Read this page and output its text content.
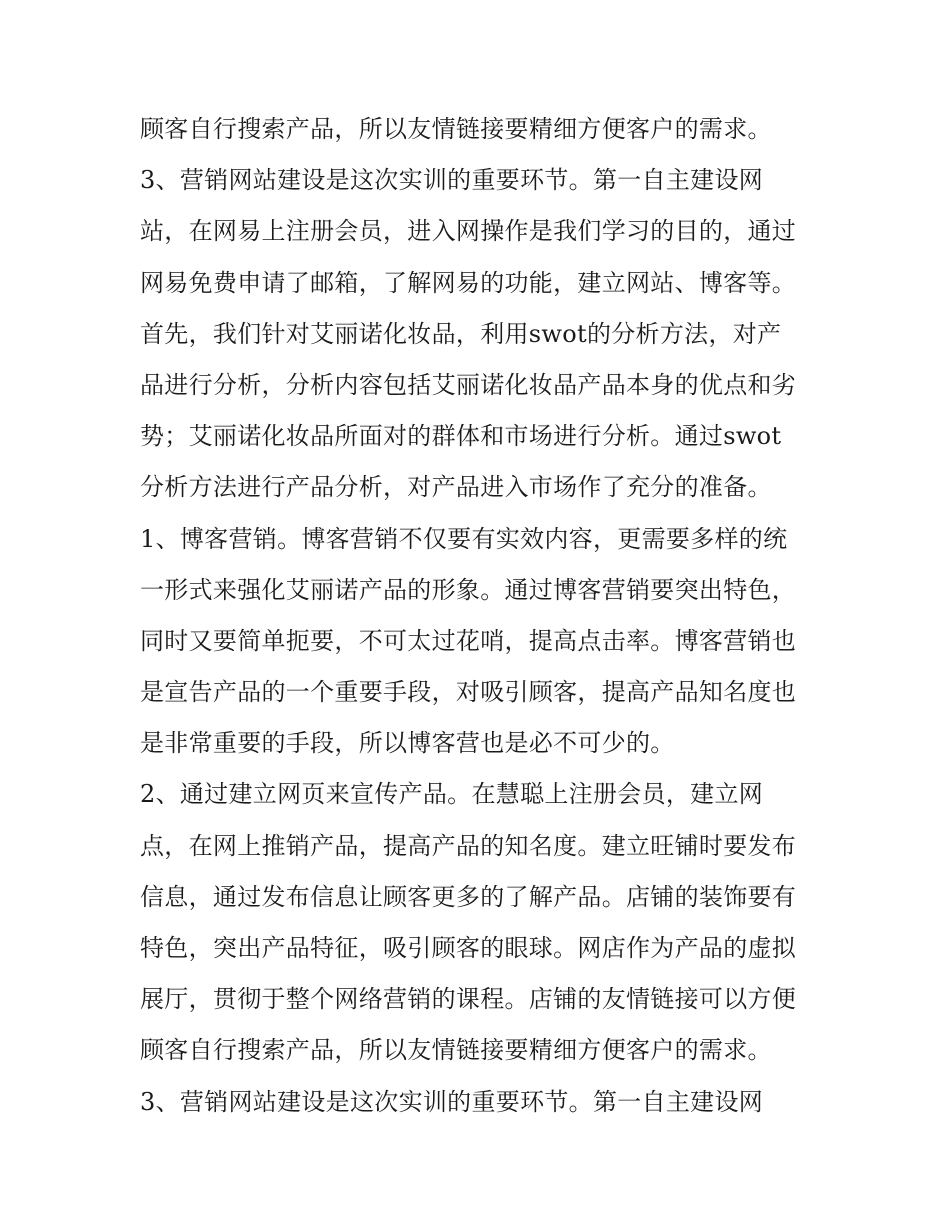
顾客自行搜索产品，所以友情链接要精细方便客户的需求。
3、营销网站建设是这次实训的重要环节。第一自主建设网
站，在网易上注册会员，进入网操作是我们学习的目的，通过
网易免费申请了邮箱，了解网易的功能，建立网站、博客等。
首先，我们针对艾丽诺化妆品，利用swot的分析方法，对产
品进行分析，分析内容包括艾丽诺化妆品产品本身的优点和劣
势；艾丽诺化妆品所面对的群体和市场进行分析。通过swot
分析方法进行产品分析，对产品进入市场作了充分的准备。
1、博客营销。博客营销不仅要有实效内容，更需要多样的统
一形式来强化艾丽诺产品的形象。通过博客营销要突出特色，
同时又要简单扼要，不可太过花哨，提高点击率。博客营销也
是宣告产品的一个重要手段，对吸引顾客，提高产品知名度也
是非常重要的手段，所以博客营也是必不可少的。
2、通过建立网页来宣传产品。在慧聪上注册会员，建立网
点，在网上推销产品，提高产品的知名度。建立旺铺时要发布
信息，通过发布信息让顾客更多的了解产品。店铺的装饰要有
特色，突出产品特征，吸引顾客的眼球。网店作为产品的虚拟
展厅，贯彻于整个网络营销的课程。店铺的友情链接可以方便
顾客自行搜索产品，所以友情链接要精细方便客户的需求。
3、营销网站建设是这次实训的重要环节。第一自主建设网
